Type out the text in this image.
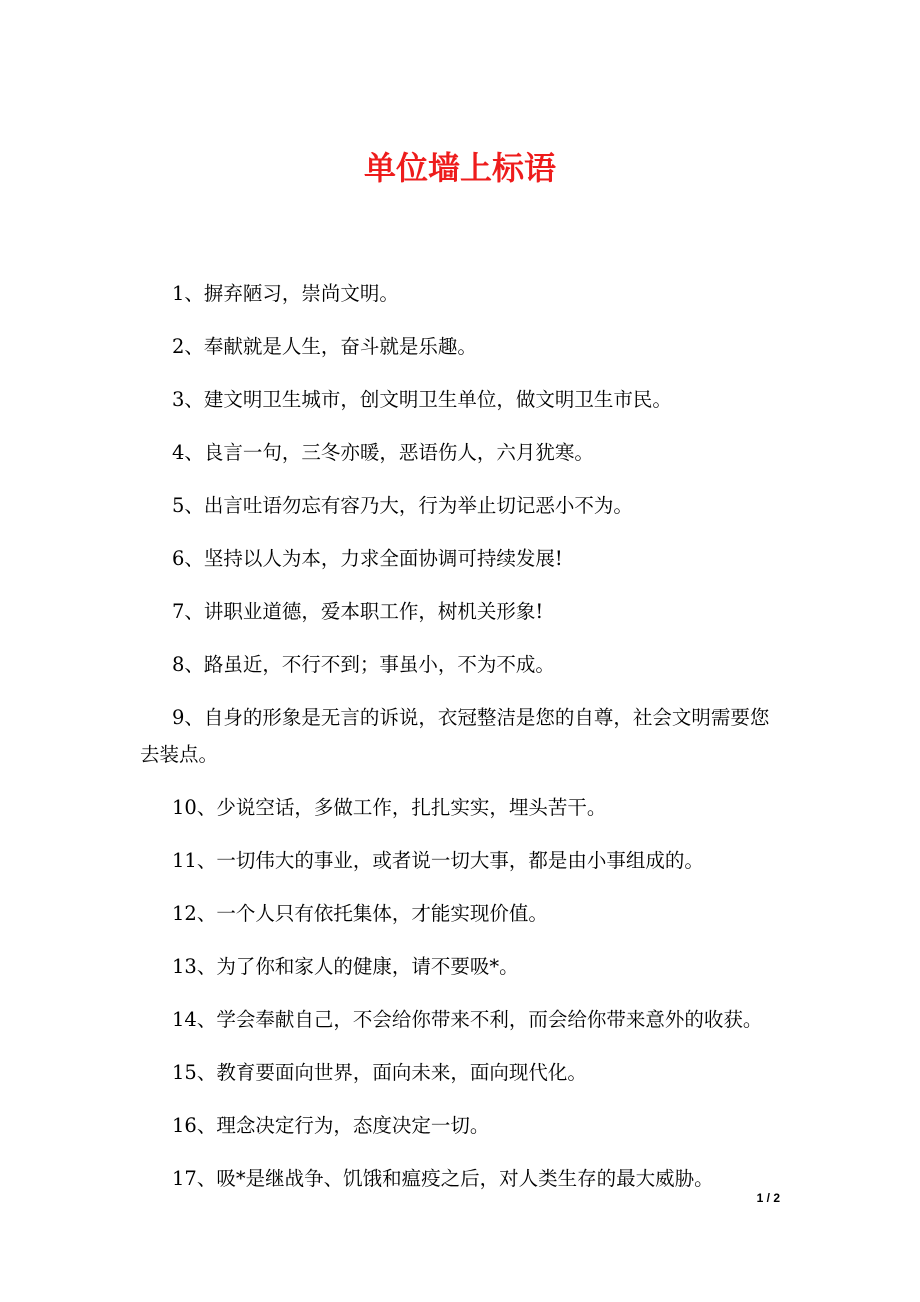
单位墙上标语

1、摒弃陋习，崇尚文明。

2、奉献就是人生，奋斗就是乐趣。

3、建文明卫生城市，创文明卫生单位，做文明卫生市民。

4、良言一句，三冬亦暖，恶语伤人，六月犹寒。

5、出言吐语勿忘有容乃大，行为举止切记恶小不为。

6、坚持以人为本，力求全面协调可持续发展!

7、讲职业道德，爱本职工作，树机关形象!

8、路虽近，不行不到；事虽小，不为不成。

9、自身的形象是无言的诉说，衣冠整洁是您的自尊，社会文明需要您去装点。

10、少说空话，多做工作，扎扎实实，埋头苦干。

11、一切伟大的事业，或者说一切大事，都是由小事组成的。

12、一个人只有依托集体，才能实现价值。

13、为了你和家人的健康，请不要吸*。

14、学会奉献自己，不会给你带来不利，而会给你带来意外的收获。

15、教育要面向世界，面向未来，面向现代化。

16、理念决定行为，态度决定一切。

17、吸*是继战争、饥饿和瘟疫之后，对人类生存的最大威胁。

1 / 2
